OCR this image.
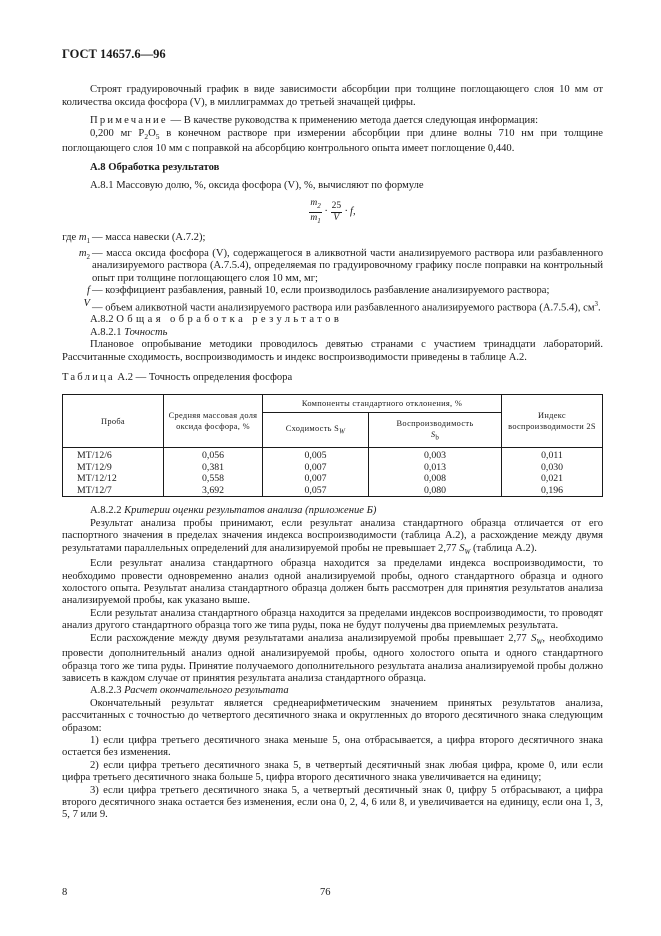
ГОСТ 14657.6—96

Строят градуировочный график в виде зависимости абсорбции при толщине поглощающего слоя 10 мм от количества оксида фосфора (V), в миллиграммах до третьей значащей цифры.

Примечание — В качестве руководства к применению метода дается следующая информация:

0,200 мг $P_2O_5$ в конечном растворе при измерении абсорбции при длине волны 710 нм при толщине поглощающего слоя 10 мм с поправкой на абсорбцию контрольного опыта имеет поглощение 0,440.

А.8 Обработка результатов

А.8.1 Массовую долю, %, оксида фосфора (V), %, вычисляют по формуле

$\frac{m_2}{m_1} \cdot \frac{25}{V} \cdot f$,
где $m_1$ — масса навески (А.7.2);
$m_2$ — масса оксида фосфора (V), содержащегося в аликвотной части анализируемого раствора или разбавленного анализируемого раствора (А.7.5.4), определяемая по градуировочному графику после поправки на контрольный опыт при толщине поглощающего слоя 10 мм, мг;
f — коэффициент разбавления, равный 10, если производилось разбавление анализируемого раствора;
V — объем аликвотной части анализируемого раствора или разбавленного анализируемого раствора (А.7.5.4), $см^3$.

А.8.2 Общая обработка результатов

А.8.2.1 Точность

Плановое опробывание методики проводилось девятью странами с участием тринадцати лабораторий. Рассчитанные сходимость, воспроизводимость и индекс воспроизводимости приведены в таблице А.2.

Таблица А.2 — Точность определения фосфора

Проба	Средняя массовая доля оксида фосфора, %	Компоненты стандартного отклонения, %		Индекс воспроизводимости 2S
		Сходимость $S_W$	Воспроизводимость
$S_b$
MT/12/6	0,056	0,005	0,003	0,011
MT/12/9	0,381	0,007	0,013	0,030
MT/12/12	0,558	0,007	0,008	0,021
MT/12/7	3,692	0,057	0,080	0,196

А.8.2.2 Критерии оценки результатов анализа (приложение Б)

Результат анализа пробы принимают, если результат анализа стандартного образца отличается от его паспортного значения в пределах значения индекса воспроизводимости (таблица А.2), а расхождение между двумя результатами параллельных определений для анализируемой пробы не превышает 2,77 $S_W$ (таблица А.2).

Если результат анализа стандартного образца находится за пределами индекса воспроизводимости, то необходимо провести одновременно анализ одной анализируемой пробы, одного стандартного образца и одного холостого опыта. Результат анализа стандартного образца должен быть рассмотрен для принятия результатов анализа анализируемой пробы, как указано выше.

Если результат анализа стандартного образца находится за пределами индексов воспроизводимости, то проводят анализ другого стандартного образца того же типа руды, пока не будут получены два приемлемых результата.

Если расхождение между двумя результатами анализа анализируемой пробы превышает 2,77 $S_W$, необходимо провести дополнительный анализ одной анализируемой пробы, одного холостого опыта и одного стандартного образца того же типа руды. Принятие получаемого дополнительного результата анализа анализируемой пробы должно зависеть в каждом случае от принятия результата анализа стандартного образца.

А.8.2.3 Расчет окончательного результата

Окончательный результат является среднеарифметическим значением принятых результатов анализа, рассчитанных с точностью до четвертого десятичного знака и округленных до второго десятичного знака следующим образом:

1) если цифра третьего десятичного знака меньше 5, она отбрасывается, а цифра второго десятичного знака остается без изменения.

2) если цифра третьего десятичного знака 5, в четвертый десятичный знак любая цифра, кроме 0, или если цифра третьего десятичного знака больше 5, цифра второго десятичного знака увеличивается на единицу;

3) если цифра третьего десятичного знака 5, а четвертый десятичный знак 0, цифру 5 отбрасывают, а цифра второго десятичного знака остается без изменения, если она 0, 2, 4, 6 или 8, и увеличивается на единицу, если она 1, 3, 5, 7 или 9.

8	76
